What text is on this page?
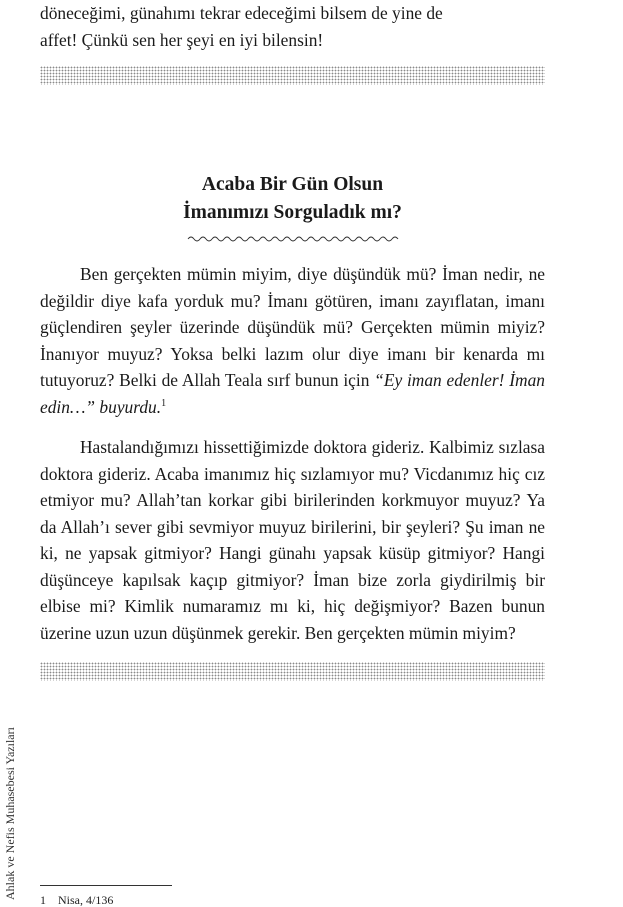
döneceğimi, günahımı tekrar edeceğimi bilsem de yine de
affet! Çünkü sen her şeyi en iyi bilensin!

Acaba Bir Gün Olsun
İmanımızı Sorguladık mı?

Ben gerçekten mümin miyim, diye düşündük mü? İman nedir, ne değildir diye kafa yorduk mu? İmanı götüren, imanı zayıflatan, imanı güçlendiren şeyler üzerinde düşündük mü? Gerçekten mümin miyiz? İnanıyor muyuz? Yoksa belki lazım olur diye imanı bir kenarda mı tutuyoruz? Belki de Allah Teala sırf bunun için “Ey iman edenler! İman edin…” buyurdu.$^1$

Hastalandığımızı hissettiğimizde doktora gideriz. Kalbimiz sızlasa doktora gideriz. Acaba imanımız hiç sızlamıyor mu? Vicdanımız hiç cız etmiyor mu? Allah’tan korkar gibi birilerinden korkmuyor muyuz? Ya da Allah’ı sever gibi sevmiyor muyuz birilerini, bir şeyleri? Şu iman ne ki, ne yapsak gitmiyor? Hangi günahı yapsak küsüp gitmiyor? Hangi düşünceye kapılsak kaçıp gitmiyor? İman bize zorla giydirilmiş bir elbise mi? Kimlik numaramız mı ki, hiç değişmiyor? Bazen bunun üzerine uzun uzun düşünmek gerekir. Ben gerçekten mümin miyim?

Ahlak ve Nefis Muhasebesi Yazıları 1 Nisa, 4/136
